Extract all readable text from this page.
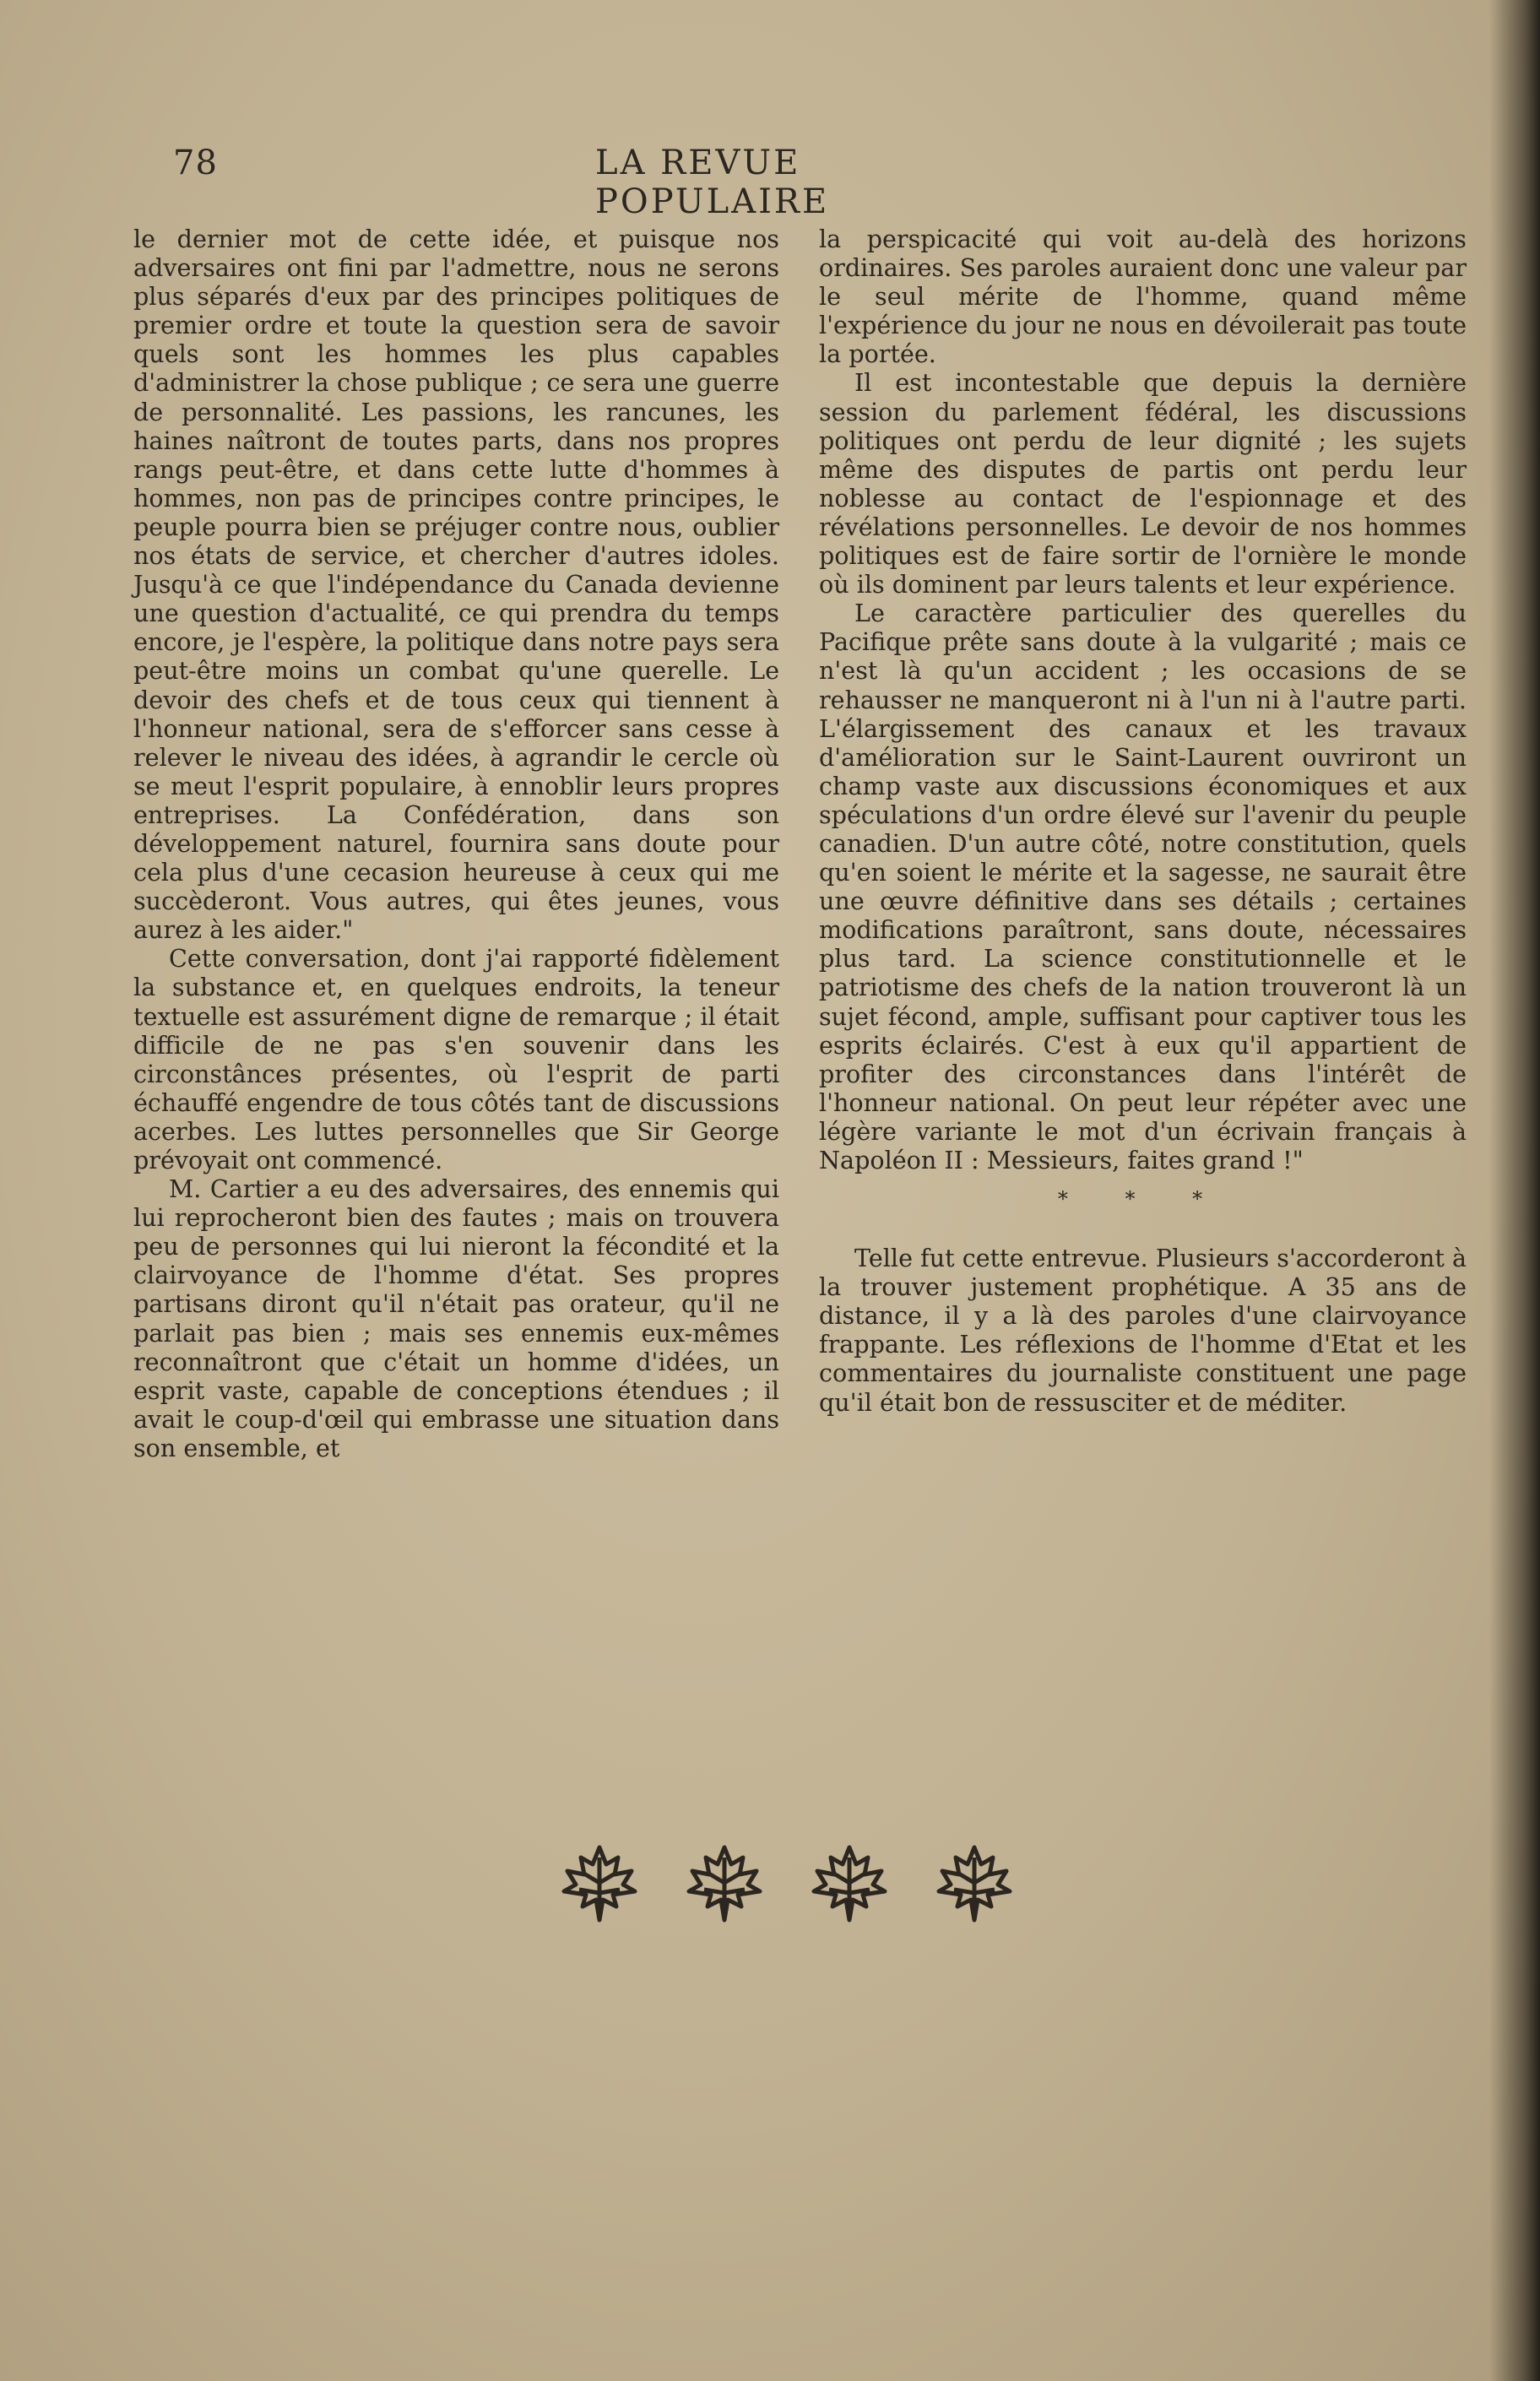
78	LA REVUE POPULAIRE

le dernier mot de cette idée, et puisque nos adversaires ont fini par l'admettre, nous ne serons plus séparés d'eux par des principes politiques de premier ordre et toute la question sera de savoir quels sont les hommes les plus capables d'administrer la chose publique ; ce sera une guerre de personnalité. Les passions, les rancunes, les haines naîtront de toutes parts, dans nos propres rangs peut-être, et dans cette lutte d'hommes à hommes, non pas de principes contre principes, le peuple pourra bien se préjuger contre nous, oublier nos états de service, et chercher d'autres idoles. Jusqu'à ce que l'indépendance du Canada devienne une question d'actualité, ce qui prendra du temps encore, je l'espère, la politique dans notre pays sera peut-être moins un combat qu'une querelle. Le devoir des chefs et de tous ceux qui tiennent à l'honneur national, sera de s'efforcer sans cesse à relever le niveau des idées, à agrandir le cercle où se meut l'esprit populaire, à ennoblir leurs propres entreprises. La Confédération, dans son développement naturel, fournira sans doute pour cela plus d'une cecasion heureuse à ceux qui me succèderont. Vous autres, qui êtes jeunes, vous aurez à les aider."

Cette conversation, dont j'ai rapporté fidèlement la substance et, en quelques endroits, la teneur textuelle est assurément digne de remarque ; il était difficile de ne pas s'en souvenir dans les circonstânces présentes, où l'esprit de parti échauffé engendre de tous côtés tant de discussions acerbes. Les luttes personnelles que Sir George prévoyait ont commencé.

M. Cartier a eu des adversaires, des ennemis qui lui reprocheront bien des fautes ; mais on trouvera peu de personnes qui lui nieront la fécondité et la clairvoyance de l'homme d'état. Ses propres partisans diront qu'il n'était pas orateur, qu'il ne parlait pas bien ; mais ses ennemis eux-mêmes reconnaîtront que c'était un homme d'idées, un esprit vaste, capable de conceptions étendues ; il avait le coup-d'œil qui embrasse une situation dans son ensemble, et

la perspicacité qui voit au-delà des horizons ordinaires. Ses paroles auraient donc une valeur par le seul mérite de l'homme, quand même l'expérience du jour ne nous en dévoilerait pas toute la portée.

Il est incontestable que depuis la dernière session du parlement fédéral, les discussions politiques ont perdu de leur dignité ; les sujets même des disputes de partis ont perdu leur noblesse au contact de l'espionnage et des révélations personnelles. Le devoir de nos hommes politiques est de faire sortir de l'ornière le monde où ils dominent par leurs talents et leur expérience.

Le caractère particulier des querelles du Pacifique prête sans doute à la vulgarité ; mais ce n'est là qu'un accident ; les occasions de se rehausser ne manqueront ni à l'un ni à l'autre parti. L'élargissement des canaux et les travaux d'amélioration sur le Saint-Laurent ouvriront un champ vaste aux discussions économiques et aux spéculations d'un ordre élevé sur l'avenir du peuple canadien. D'un autre côté, notre constitution, quels qu'en soient le mérite et la sagesse, ne saurait être une œuvre définitive dans ses détails ; certaines modifications paraîtront, sans doute, nécessaires plus tard. La science constitutionnelle et le patriotisme des chefs de la nation trouveront là un sujet fécond, ample, suffisant pour captiver tous les esprits éclairés. C'est à eux qu'il appartient de profiter des circonstances dans l'intérêt de l'honneur national. On peut leur répéter avec une légère variante le mot d'un écrivain français à Napoléon II : Messieurs, faites grand !"

* * *

Telle fut cette entrevue. Plusieurs s'accorderont à la trouver justement prophétique. A 35 ans de distance, il y a là des paroles d'une clairvoyance frappante. Les réflexions de l'homme d'Etat et les commentaires du journaliste constituent une page qu'il était bon de ressusciter et de méditer.
